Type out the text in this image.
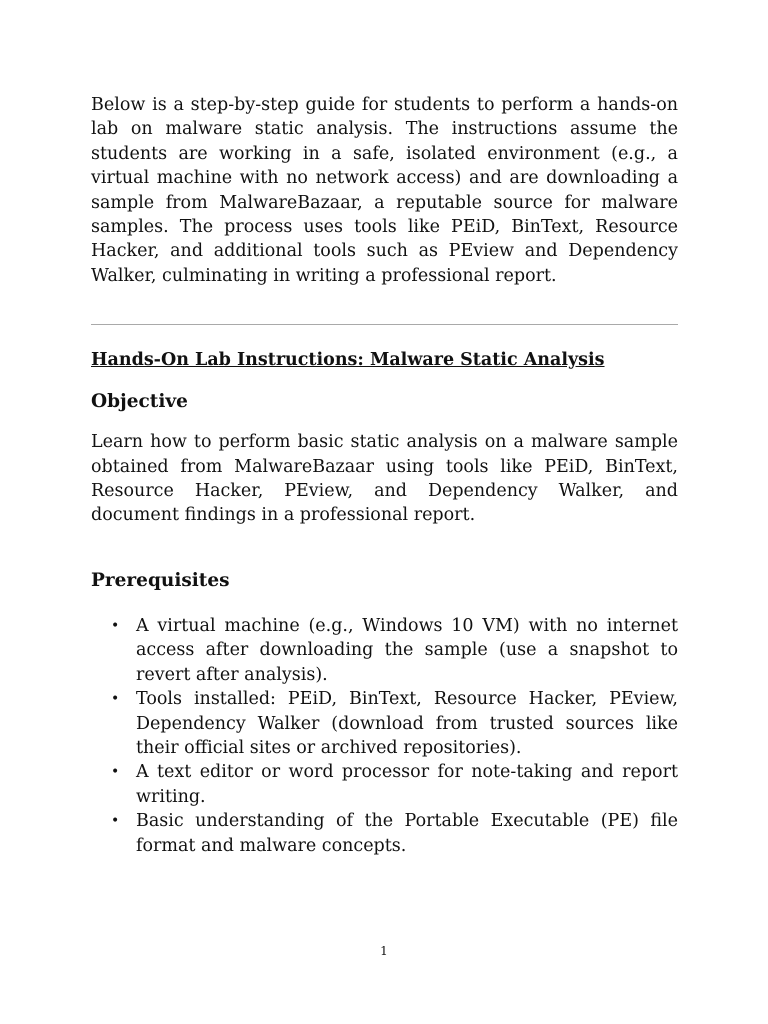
Below is a step-by-step guide for students to perform a hands-on lab on malware static analysis. The instructions assume the students are working in a safe, isolated environment (e.g., a virtual machine with no network access) and are downloading a sample from MalwareBazaar, a reputable source for malware samples. The process uses tools like PEiD, BinText, Resource Hacker, and additional tools such as PEview and Dependency Walker, culminating in writing a professional report.

Hands-On Lab Instructions: Malware Static Analysis
Objective

Learn how to perform basic static analysis on a malware sample obtained from MalwareBazaar using tools like PEiD, BinText, Resource Hacker, PEview, and Dependency Walker, and document findings in a professional report.

Prerequisites
• A virtual machine (e.g., Windows 10 VM) with no internet access after downloading the sample (use a snapshot to revert after analysis).
• Tools installed: PEiD, BinText, Resource Hacker, PEview, Dependency Walker (download from trusted sources like their official sites or archived repositories).
• A text editor or word processor for note-taking and report writing.
• Basic understanding of the Portable Executable (PE) file format and malware concepts.
1
